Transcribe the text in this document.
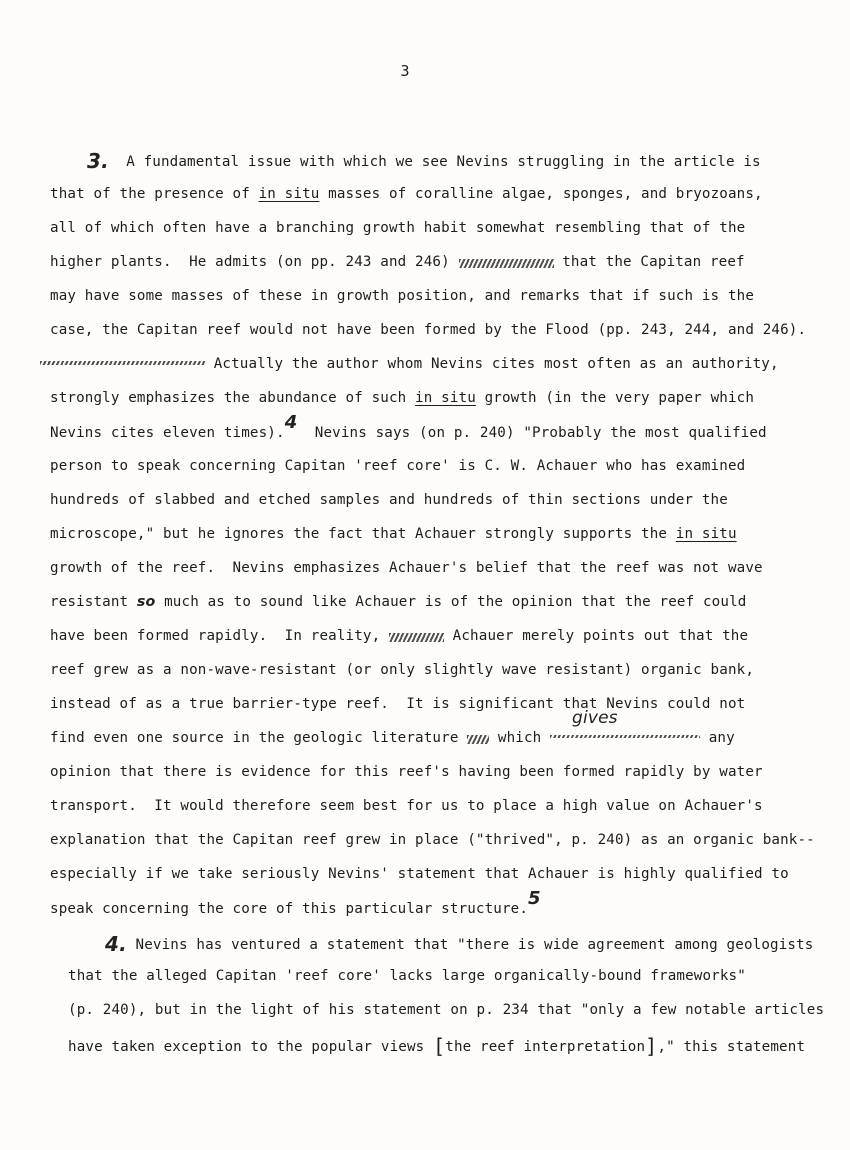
3
3. A fundamental issue with which we see Nevins struggling in the article is
that of the presence of in situ masses of coralline algae, sponges, and bryozoans,
all of which often have a branching growth habit somewhat resembling that of the
higher plants.  He admits (on pp. 243 and 246)	that the Capitan reef
may have some masses of these in growth position, and remarks that if such is the
case, the Capitan reef would not have been formed by the Flood (pp. 243, 244, and 246).
Actually the author whom Nevins cites most often as an authority,
strongly emphasizes the abundance of such in situ growth (in the very paper which
Nevins cites eleven times).4  Nevins says (on p. 240) "Probably the most qualified
person to speak concerning Capitan 'reef core' is C. W. Achauer who has examined
hundreds of slabbed and etched samples and hundreds of thin sections under the
microscope," but he ignores the fact that Achauer strongly supports the in situ
growth of the reef.  Nevins emphasizes Achauer's belief that the reef was not wave
resistant so much as to sound like Achauer is of the opinion that the reef could
have been formed rapidly.  In reality,	Achauer merely points out that the
reef grew as a non-wave-resistant (or only slightly wave resistant) organic bank,
instead of as a true barrier-type reef.  It is significant that Nevins could not
find even one source in the geologic literature  which
gives
any
opinion that there is evidence for this reef's having been formed rapidly by water
transport.  It would therefore seem best for us to place a high value on Achauer's
explanation that the Capitan reef grew in place ("thrived", p. 240) as an organic bank--
especially if we take seriously Nevins' statement that Achauer is highly qualified to
speak concerning the core of this particular structure.5
4. Nevins has ventured a statement that "there is wide agreement among geologists
that the alleged Capitan 'reef core' lacks large organically-bound frameworks"
(p. 240), but in the light of his statement on p. 234 that "only a few notable articles
have taken exception to the popular views [the reef interpretation]," this statement
